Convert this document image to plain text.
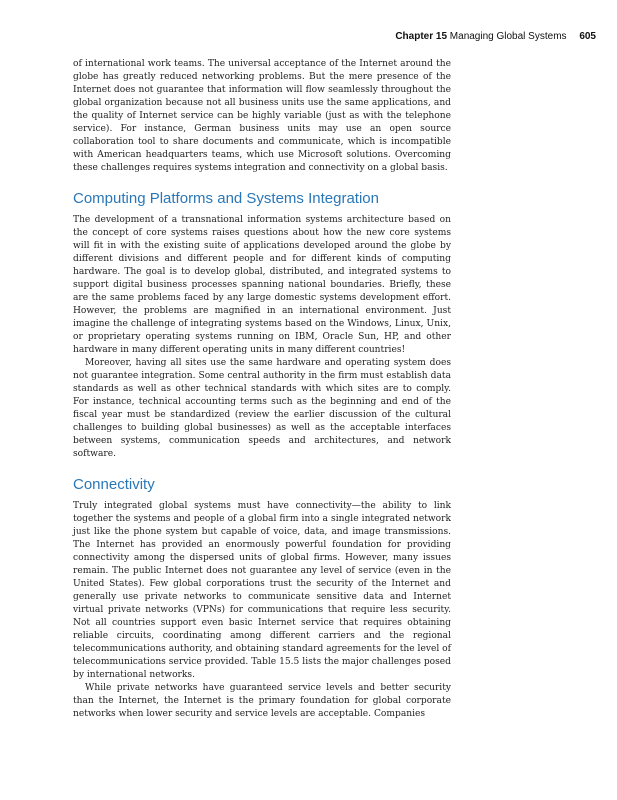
Chapter 15 Managing Global Systems 605

of international work teams. The universal acceptance of the Internet around the globe has greatly reduced networking problems. But the mere presence of the Internet does not guarantee that information will flow seamlessly throughout the global organization because not all business units use the same applications, and the quality of Internet service can be highly variable (just as with the telephone service). For instance, German business units may use an open source collaboration tool to share documents and communicate, which is incompatible with American headquarters teams, which use Microsoft solutions. Overcoming these challenges requires systems integration and connectivity on a global basis.

Computing Platforms and Systems Integration

The development of a transnational information systems architecture based on the concept of core systems raises questions about how the new core systems will fit in with the existing suite of applications developed around the globe by different divisions and different people and for different kinds of computing hardware. The goal is to develop global, distributed, and integrated systems to support digital business processes spanning national boundaries. Briefly, these are the same problems faced by any large domestic systems development effort. However, the problems are magnified in an international environment. Just imagine the challenge of integrating systems based on the Windows, Linux, Unix, or proprietary operating systems running on IBM, Oracle Sun, HP, and other hardware in many different operating units in many different countries!

Moreover, having all sites use the same hardware and operating system does not guarantee integration. Some central authority in the firm must establish data standards as well as other technical standards with which sites are to comply. For instance, technical accounting terms such as the beginning and end of the fiscal year must be standardized (review the earlier discussion of the cultural challenges to building global businesses) as well as the acceptable interfaces between systems, communication speeds and architectures, and network software.

Connectivity

Truly integrated global systems must have connectivity—the ability to link together the systems and people of a global firm into a single integrated network just like the phone system but capable of voice, data, and image transmissions. The Internet has provided an enormously powerful foundation for providing connectivity among the dispersed units of global firms. However, many issues remain. The public Internet does not guarantee any level of service (even in the United States). Few global corporations trust the security of the Internet and generally use private networks to communicate sensitive data and Internet virtual private networks (VPNs) for communications that require less security. Not all countries support even basic Internet service that requires obtaining reliable circuits, coordinating among different carriers and the regional telecommunications authority, and obtaining standard agreements for the level of telecommunications service provided. Table 15.5 lists the major challenges posed by international networks.

While private networks have guaranteed service levels and better security than the Internet, the Internet is the primary foundation for global corporate networks when lower security and service levels are acceptable. Companies
